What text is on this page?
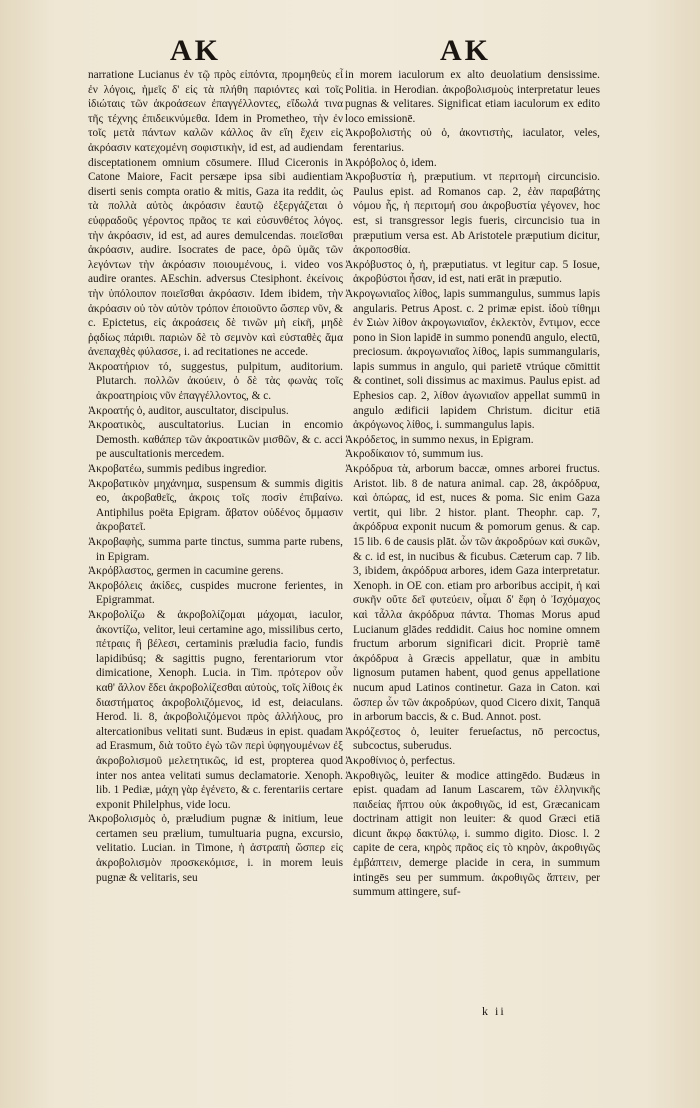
AK	AK

narratione Lucianus ἐν τῷ πρὸς εἰπόντα, προμηθεὺς εἶ ἐν λόγοις, ἡμεῖς δ' εἰς τὰ πλήθη παριόντες καὶ τοῖς ἰδιώταις τῶν ἀκροάσεων ἐπαγγέλλοντες, εἴδωλά τινα τῆς τέχνης ἐπιδεικνύμεθα. Idem in Prometheo, τὴν ἐν τοῖς μετὰ πάντων καλῶν κάλλος ἂν εἴη ἔχειν εἰς ἀκρόασιν κατεχομένη σοφιστικὴν, id est, ad audiendam disceptationem omnium cōsumere. Illud Ciceronis in Catone Maiore, Facit persæpe ipsa sibi audientiam diserti senis compta oratio & mitis, Gaza ita reddit, ὡς τὰ πολλὰ αὐτὸς ἀκρόασιν ἑαυτῷ ἐξεργάζεται ὁ εὐφραδοῦς γέροντος πρᾶος τε καὶ εὐσυνθέτος λόγος. τὴν ἀκρόασιν, id est, ad aures demulcendas. ποιεῖσθαι ἀκρόασιν, audire. Isocrates de pace, ὁρῶ ὑμᾶς τῶν λεγόντων τὴν ἀκρόασιν ποιουμένους, i. video vos audire orantes. AEschin. adversus Ctesiphont. ἐκείνοις τὴν ὑπόλοιπον ποιεῖσθαι ἀκρόασιν. Idem ibidem, τὴν ἀκρόασιν οὐ τὸν αὐτὸν τρόπον ἐποιοῦντο ὥσπερ νῦν, & c. Epictetus, εἰς ἀκροάσεις δὲ τινῶν μὴ εἰκῆ, μηδὲ ῥᾳδίως πάριθι. παριὼν δὲ τὸ σεμνὸν καὶ εὐσταθὲς ἅμα ἀνεπαχθὲς φύλασσε, i. ad recitationes ne accede.

Ἀκροατήριον τό, suggestus, pulpitum, auditorium. Plutarch. πολλῶν ἀκούειν, ὁ δὲ τὰς φωνὰς τοῖς ἀκροατηρίοις νῦν ἐπαγγέλλοντος, & c.

Ἀκροατής ὁ, auditor, auscultator, discipulus.

Ἀκροατικὸς, auscultatorius. Lucian in encomio Demosth. καθάπερ τῶν ἀκροατικῶν μισθῶν, & c. acci pe auscultationis mercedem.

Ἀκροβατέω, summis pedibus ingredior.

Ἀκροβατικὸν μηχάνημα, suspensum & summis digitis eo, ἀκροβαθεῖς, ἀκροις τοῖς ποσὶν ἐπιβαίνω. Antiphilus poëta Epigram. ἄβατον οὐδένος ὄμμασιν ἀκροβατεῖ.

Ἀκροβαφὴς, summa parte tinctus, summa parte rubens, in Epigram.

Ἀκρόβλαστος, germen in cacumine gerens.

Ἀκροβόλεις ἀκίδες, cuspides mucrone ferientes, in Epigrammat.

Ἀκροβολίζω & ἀκροβολίζομαι μάχομαι, iaculor, ἀκοντίζω, velitor, leui certamine ago, missilibus certo, πέτραις ἢ βέλεσι, certaminis præludia facio, fundis lapidibúsq; & sagittis pugno, ferentariorum vtor dimicatione, Xenoph. Lucia. in Tim. πρότερον οὖν καθ' ἄλλον ἔδει ἀκροβολίζεσθαι αὐτοὺς, τοῖς λίθοις ἐκ διαστήματος ἀκροβολιζόμενος, id est, deiaculans. Herod. li. 8, ἀκροβολιζόμενοι πρὸς ἀλλήλους, pro altercationibus velitati sunt. Budæus in epist. quadam ad Erasmum, διὰ τοῦτο ἐγὼ τῶν περὶ ὑφηγουμένων ἐξ ἀκροβολισμοῦ μελετητικῶς, id est, propterea quod inter nos antea velitati sumus declamatorie. Xenoph. lib. 1 Pediæ, μάχη γὰρ ἐγένετο, & c. ferentariis certare exponit Philelphus, vide locu.

Ἀκροβολισμὸς ὁ, præludium pugnæ & initium, leue certamen seu prælium, tumultuaria pugna, excursio, velitatio. Lucian. in Timone, ἡ ἀστραπὴ ὥσπερ εἰς ἀκροβολισμὸν προσκεκόμισε, i. in morem leuis pugnæ & velitaris, seu

in morem iaculorum ex alto deuolatium densissime. Politia. in Herodian. ἀκροβολισμοὺς interpretatur leues pugnas & velitares. Significat etiam iaculorum ex edito loco emissionē.

Ἀκροβολιστής οὐ ὁ, ἀκοντιστὴς, iaculator, veles, ferentarius.

Ἀκρόβολος ὁ, idem.

Ἀκροβυστία ἡ, præputium. vt περιτομὴ circuncisio. Paulus epist. ad Romanos cap. 2, ἐὰν παραβάτης νόμου ἧς, ἡ περιτομή σου ἀκροβυστία γέγονεν, hoc est, si transgressor legis fueris, circuncisio tua in præputium versa est. Ab Aristotele præputium dicitur, ἀκροποσθία.

Ἀκρόβυστος ὁ, ἡ, præputiatus. vt legitur cap. 5 Iosue, ἀκροβύστοι ἦσαν, id est, nati erāt in præputio.

Ἀκρογωνιαῖος λίθος, lapis summangulus, summus lapis angularis. Petrus Apost. c. 2 primæ epist. ἰδοὺ τίθημι ἐν Σιὼν λίθον ἀκρογωνιαῖον, ἐκλεκτὸν, ἔντιμον, ecce pono in Sion lapidē in summo ponendū angulo, electū, preciosum. ἀκρογωνιαῖος λίθος, lapis summangularis, lapis summus in angulo, qui parietē vtrúque cōmittit & continet, soli dissimus ac maximus. Paulus epist. ad Ephesios cap. 2, λίθον ἀγωνιαῖον appellat summū in angulo ædificii lapidem Christum. dicitur etiā ἀκρόγωνος λίθος, i. summangulus lapis.

Ἀκρόδετος, in summo nexus, in Epigram.

Ἀκροδίκαιον τό, summum ius.

Ἀκρόδρυα τὰ, arborum baccæ, omnes arborei fructus. Aristot. lib. 8 de natura animal. cap. 28, ἀκρόδρυα, καὶ ὀπώρας, id est, nuces & poma. Sic enim Gaza vertit, qui libr. 2 histor. plant. Theophr. cap. 7, ἀκρόδρυα exponit nucum & pomorum genus. & cap. 15 lib. 6 de causis plāt. ὧν τῶν ἀκροδρύων καὶ συκῶν, & c. id est, in nucibus & ficubus. Cæterum cap. 7 lib. 3, ibidem, ἀκρόδρυα arbores, idem Gaza interpretatur. Xenoph. in OE con. etiam pro arboribus accipit, ἡ καὶ συκῆν οὔτε δεῖ φυτεύειν, οἶμαι δ' ἔφη ὁ Ἰσχόμαχος καὶ τἆλλα ἀκρόδρυα πάντα. Thomas Morus apud Lucianum glādes reddidit. Caius hoc nomine omnem fructum arborum significari dicit. Propriè tamē ἀκρόδρυα à Græcis appellatur, quæ in ambitu lignosum putamen habent, quod genus appellatione nucum apud Latinos continetur. Gaza in Caton. καὶ ὥσπερ ὧν τῶν ἀκροδρύων, quod Cicero dixit, Tanquā in arborum baccis, & c. Bud. Annot. post.

Ἀκρόζεστος ὁ, leuiter ferueſactus, nō percoctus, subcoctus, suberudus.

Ἀκροθίνιος ὁ, perfectus.

Ἀκροθιγῶς, leuiter & modice attingēdo. Budæus in epist. quadam ad Ianum Lascarem, τῶν ἑλληνικῆς παιδείας ἥπτου οὐκ ἀκροθιγῶς, id est, Græcanicam doctrinam attigit non leuiter: & quod Græci etiā dicunt ἄκρῳ δακτύλῳ, i. summo digito. Diosc. l. 2 capite de cera, κηρὸς πρᾶος εἰς τὸ κηρὸν, ἀκροθιγῶς ἐμβάπτειν, demerge placide in cera, in summum intingēs seu per summum. ἀκροθιγῶς ἅπτειν, per summum attingere, suf-

k ii
